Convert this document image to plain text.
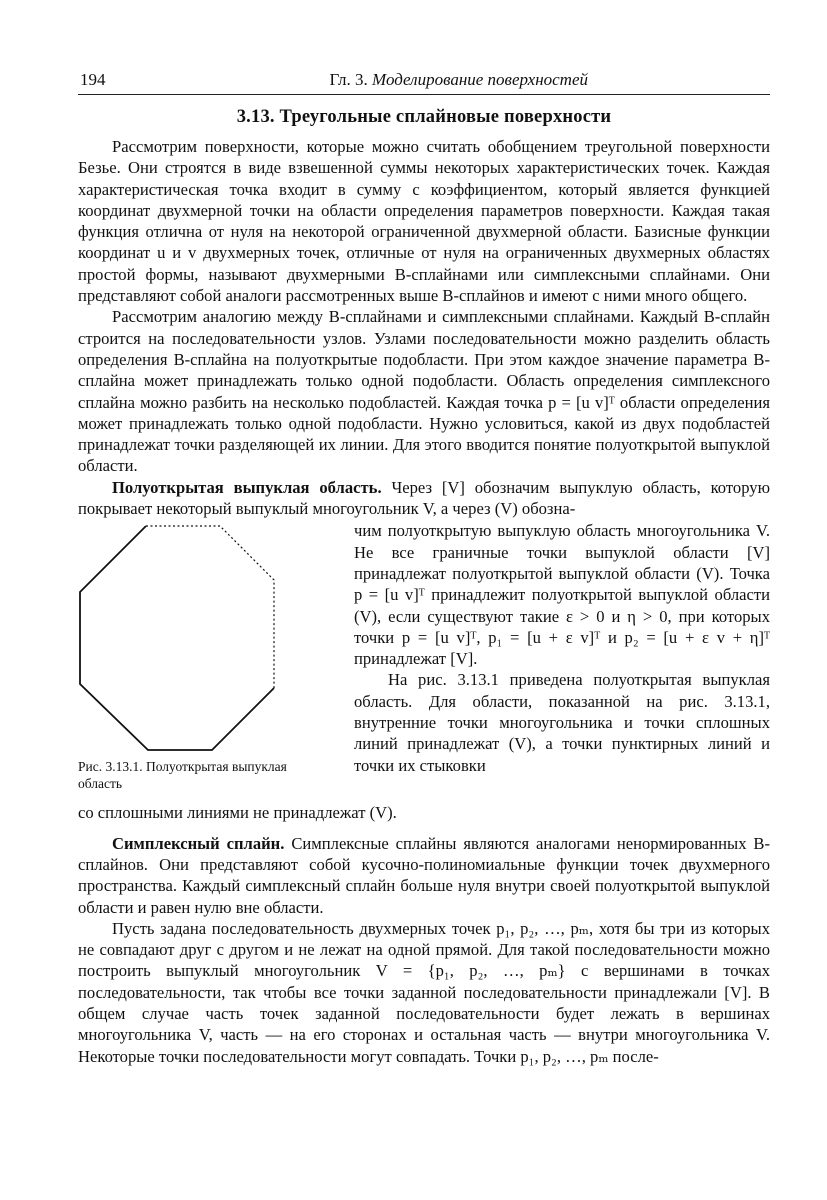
194	Гл. 3. Моделирование поверхностей
3.13. Треугольные сплайновые поверхности

Рассмотрим поверхности, которые можно считать обобщением треугольной поверхности Безье. Они строятся в виде взвешенной суммы некоторых характеристических точек. Каждая характеристическая точка входит в сумму с коэффициентом, который является функцией координат двухмерной точки на области определения параметров поверхности. Каждая такая функция отлична от нуля на некоторой ограниченной двухмерной области. Базисные функции координат u и v двухмерных точек, отличные от нуля на ограниченных двухмерных областях простой формы, называют двухмерными B-сплайнами или симплексными сплайнами. Они представляют собой аналоги рассмотренных выше B-сплайнов и имеют с ними много общего.

Рассмотрим аналогию между B-сплайнами и симплексными сплайнами. Каждый B-сплайн строится на последовательности узлов. Узлами последовательности можно разделить область определения B-сплайна на полуоткрытые подобласти. При этом каждое значение параметра B-сплайна может принадлежать только одной подобласти. Область определения симплексного сплайна можно разбить на несколько подобластей. Каждая точка p = [u v]ᵀ области определения может принадлежать только одной подобласти. Нужно условиться, какой из двух подобластей принадлежат точки разделяющей их линии. Для этого вводится понятие полуоткрытой выпуклой области.

Полуоткрытая выпуклая область. Через [V] обозначим выпуклую область, которую покрывает некоторый выпуклый многоугольник V, а через (V) обозна-

Рис. 3.13.1. Полуоткрытая выпуклая область

чим полуоткрытую выпуклую область многоугольника V. Не все граничные точки выпуклой области [V] принадлежат полуоткрытой выпуклой области (V). Точка p = [u v]ᵀ принадлежит полуоткрытой выпуклой области (V), если существуют такие ε > 0 и η > 0, при которых точки p = [u v]ᵀ, p₁ = [u + ε v]ᵀ и p₂ = [u + ε v + η]ᵀ принадлежат [V].

На рис. 3.13.1 приведена полуоткрытая выпуклая область. Для области, показанной на рис. 3.13.1, внутренние точки многоугольника и точки сплошных линий принадлежат (V), а точки пунктирных линий и точки их стыковки

со сплошными линиями не принадлежат (V).

Симплексный сплайн. Симплексные сплайны являются аналогами ненормированных B-сплайнов. Они представляют собой кусочно-полиномиальные функции точек двухмерного пространства. Каждый симплексный сплайн больше нуля внутри своей полуоткрытой выпуклой области и равен нулю вне области.

Пусть задана последовательность двухмерных точек p₁, p₂, …, pₘ, хотя бы три из которых не совпадают друг с другом и не лежат на одной прямой. Для такой последовательности можно построить выпуклый многоугольник V = {p₁, p₂, …, pₘ} с вершинами в точках последовательности, так чтобы все точки заданной последовательности принадлежали [V]. В общем случае часть точек заданной последовательности будет лежать в вершинах многоугольника V, часть — на его сторонах и остальная часть — внутри многоугольника V. Некоторые точки последовательности могут совпадать. Точки p₁, p₂, …, pₘ после-
